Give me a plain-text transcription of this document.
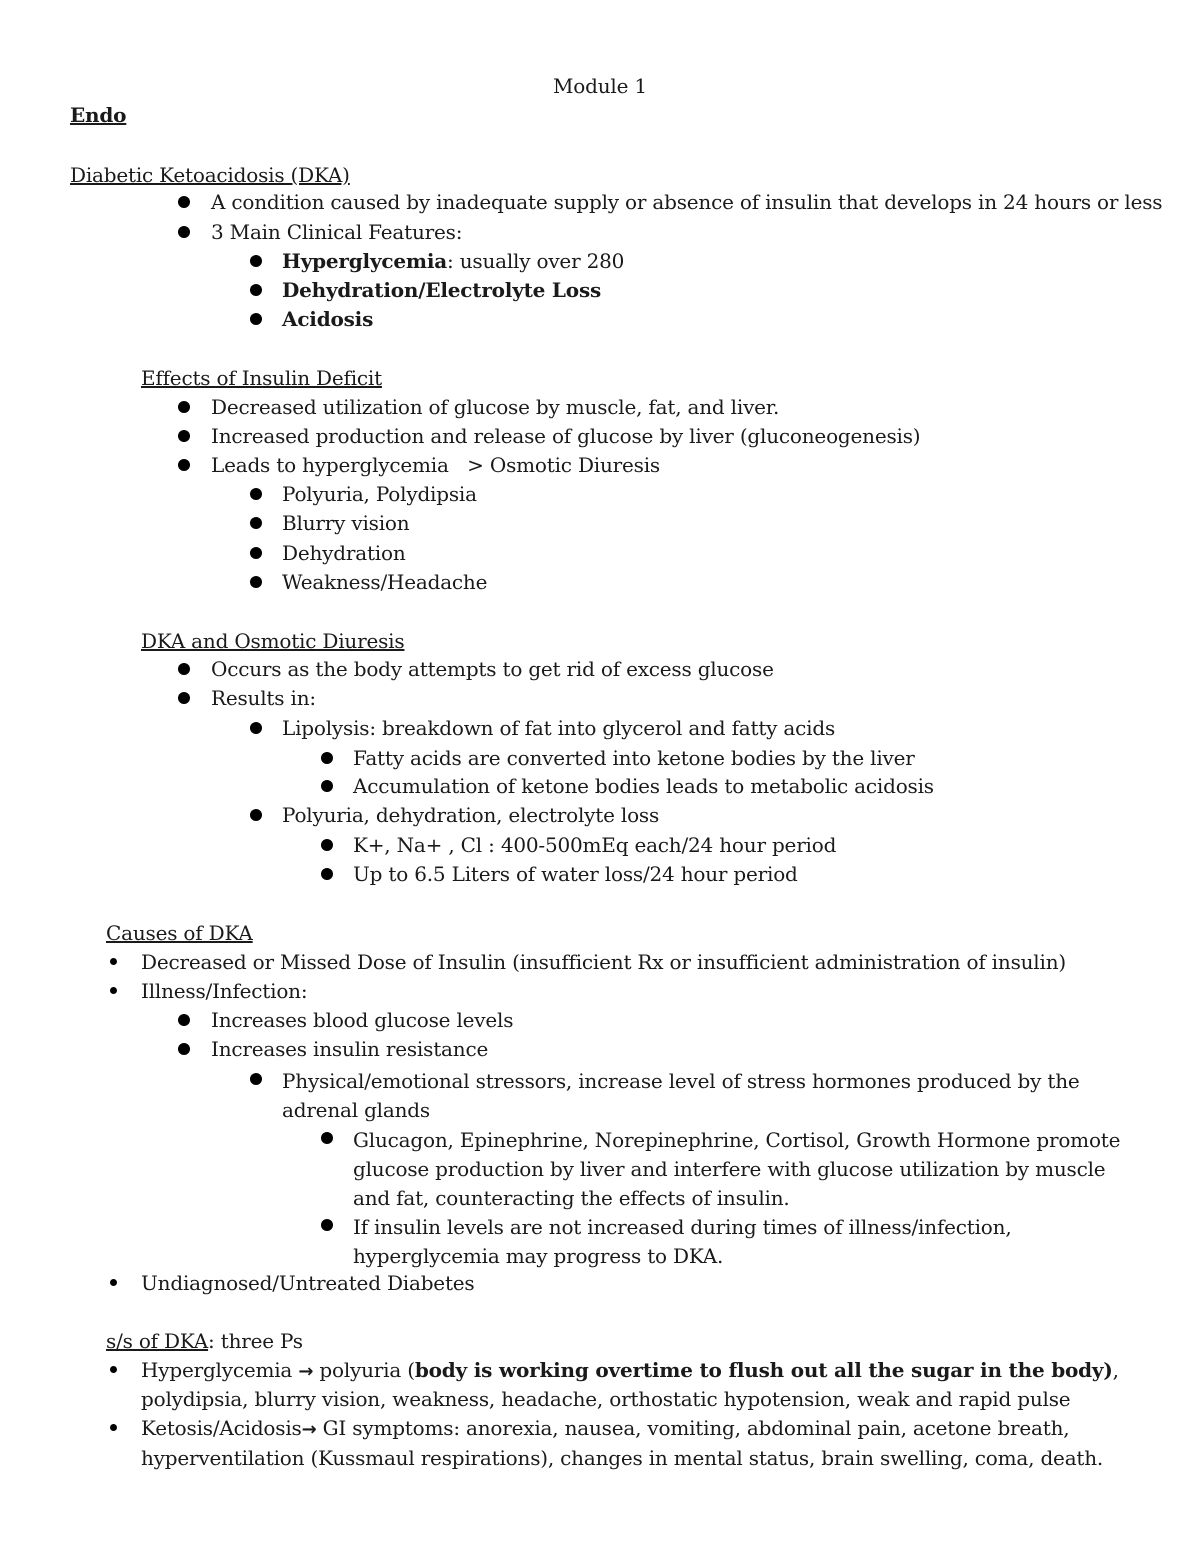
Module 1
Endo
Diabetic Ketoacidosis (DKA)
A condition caused by inadequate supply or absence of insulin that develops in 24 hours or less
3 Main Clinical Features:
Hyperglycemia: usually over 280
Dehydration/Electrolyte Loss
Acidosis
Effects of Insulin Deficit
Decreased utilization of glucose by muscle, fat, and liver.
Increased production and release of glucose by liver (gluconeogenesis)
Leads to hyperglycemia   > Osmotic Diuresis
Polyuria, Polydipsia
Blurry vision
Dehydration
Weakness/Headache
DKA and Osmotic Diuresis
Occurs as the body attempts to get rid of excess glucose
Results in:
Lipolysis: breakdown of fat into glycerol and fatty acids
Fatty acids are converted into ketone bodies by the liver
Accumulation of ketone bodies leads to metabolic acidosis
Polyuria, dehydration, electrolyte loss
K+, Na+ , Cl : 400-500mEq each/24 hour period
Up to 6.5 Liters of water loss/24 hour period
Causes of DKA
Decreased or Missed Dose of Insulin (insufficient Rx or insufficient administration of insulin)
Illness/Infection:
Increases blood glucose levels
Increases insulin resistance
Physical/emotional stressors, increase level of stress hormones produced by the adrenal glands
Glucagon, Epinephrine, Norepinephrine, Cortisol, Growth Hormone promote glucose production by liver and interfere with glucose utilization by muscle and fat, counteracting the effects of insulin.
If insulin levels are not increased during times of illness/infection, hyperglycemia may progress to DKA.
Undiagnosed/Untreated Diabetes
s/s of DKA: three Ps
Hyperglycemia → polyuria (body is working overtime to flush out all the sugar in the body),
polydipsia, blurry vision, weakness, headache, orthostatic hypotension, weak and rapid pulse
Ketosis/Acidosis→ GI symptoms: anorexia, nausea, vomiting, abdominal pain, acetone breath,
hyperventilation (Kussmaul respirations), changes in mental status, brain swelling, coma, death.
